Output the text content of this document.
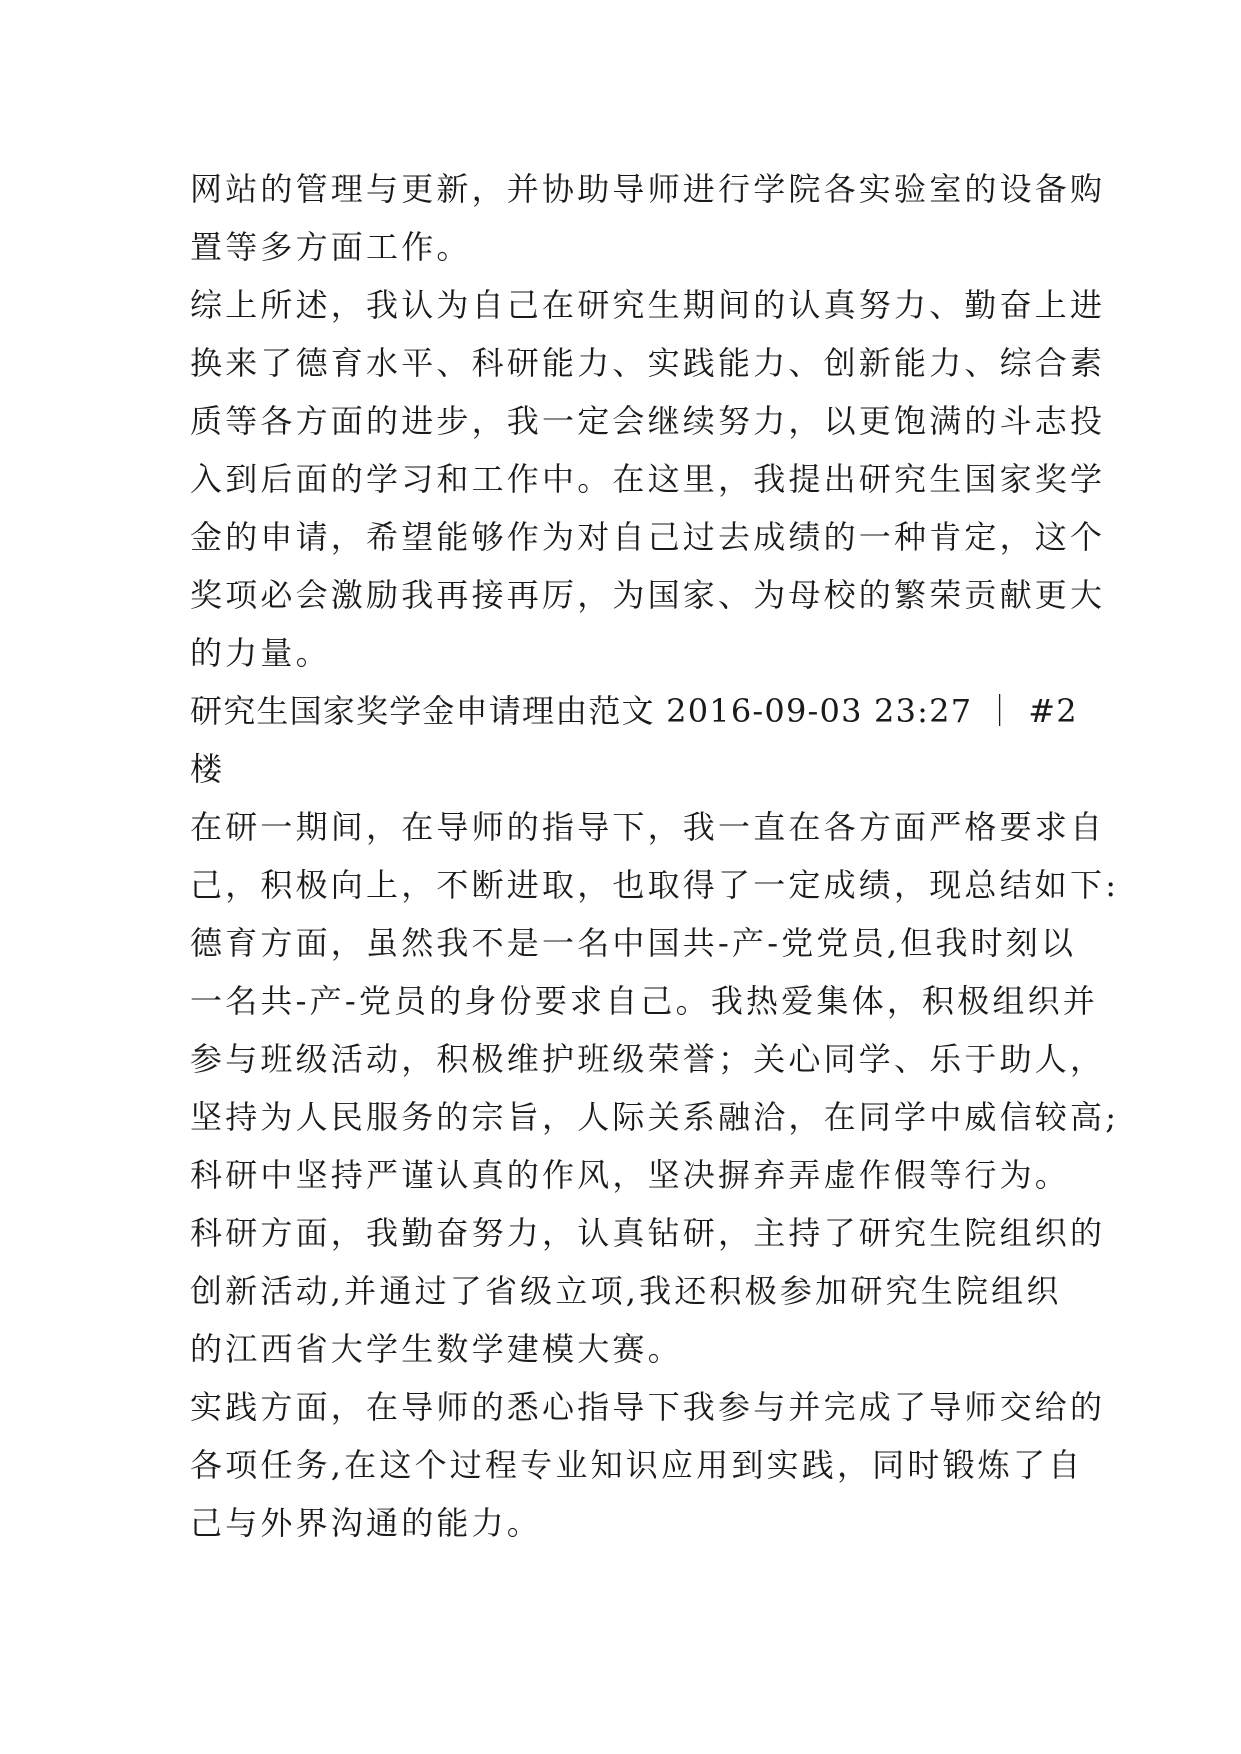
网站的管理与更新，并协助导师进行学院各实验室的设备购
置等多方面工作。
综上所述，我认为自己在研究生期间的认真努力、勤奋上进
换来了德育水平、科研能力、实践能力、创新能力、综合素
质等各方面的进步，我一定会继续努力，以更饱满的斗志投
入到后面的学习和工作中。在这里，我提出研究生国家奖学
金的申请，希望能够作为对自己过去成绩的一种肯定，这个
奖项必会激励我再接再厉，为国家、为母校的繁荣贡献更大
的力量。
研究生国家奖学金申请理由范文 2016-09-03 23:27 ｜ #2
楼
在研一期间，在导师的指导下，我一直在各方面严格要求自
己，积极向上，不断进取，也取得了一定成绩，现总结如下:
德育方面，虽然我不是一名中国共-产-党党员,但我时刻以
一名共-产-党员的身份要求自己。我热爱集体，积极组织并
参与班级活动，积极维护班级荣誉；关心同学、乐于助人，
坚持为人民服务的宗旨，人际关系融洽，在同学中威信较高;
科研中坚持严谨认真的作风，坚决摒弃弄虚作假等行为。
科研方面，我勤奋努力，认真钻研，主持了研究生院组织的
创新活动,并通过了省级立项,我还积极参加研究生院组织
的江西省大学生数学建模大赛。
实践方面，在导师的悉心指导下我参与并完成了导师交给的
各项任务,在这个过程专业知识应用到实践，同时锻炼了自
己与外界沟通的能力。
